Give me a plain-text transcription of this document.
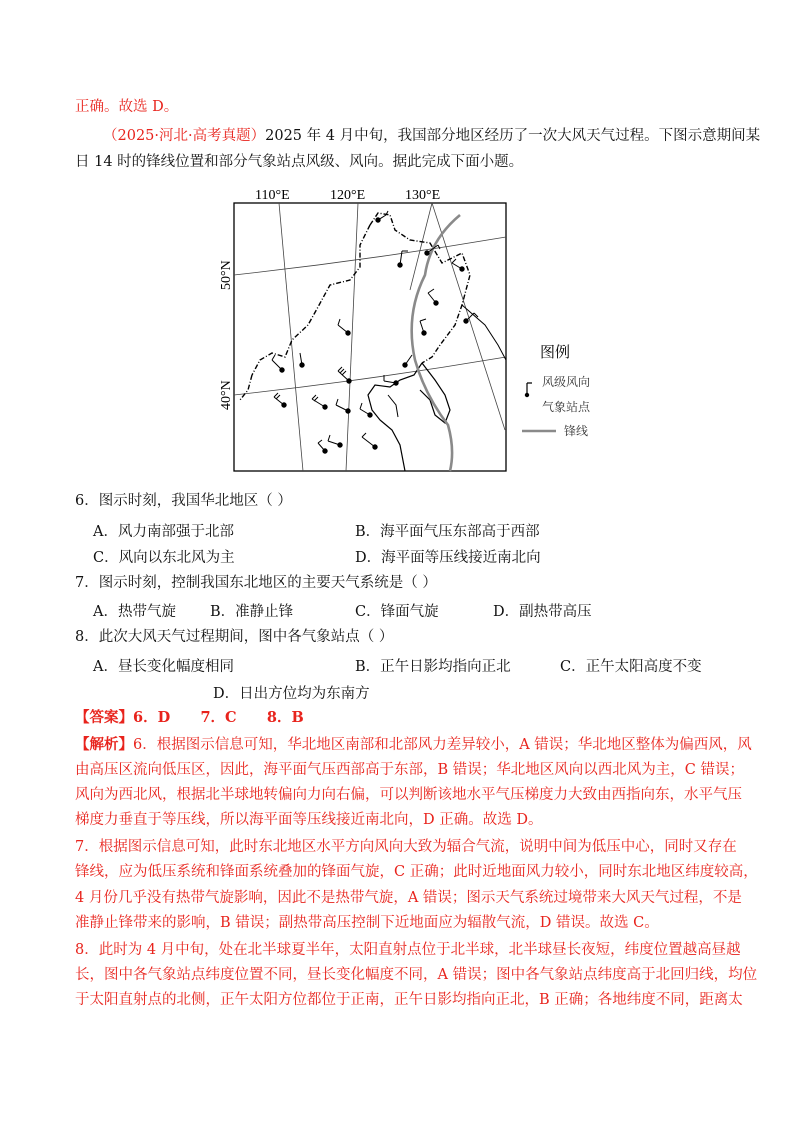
正确。故选 D。
（2025·河北·高考真题）2025 年 4 月中旬，我国部分地区经历了一次大风天气过程。下图示意期间某
日 14 时的锋线位置和部分气象站点风级、风向。据此完成下面小题。
110°E	120°E	130°E
50°N
40°N
图例
风级风向
气象站点
锋线
6．图示时刻，我国华北地区（ ）
A．风力南部强于北部	B．海平面气压东部高于西部
C．风向以东北风为主	D．海平面等压线接近南北向
7．图示时刻，控制我国东北地区的主要天气系统是（ ）
A．热带气旋 B．准静止锋	C．锋面气旋	D．副热带高压
8．此次大风天气过程期间，图中各气象站点（ ）
A．昼长变化幅度相同	B．正午日影均指向正北	C．正午太阳高度不变
D．日出方位均为东南方
【答案】6．D      7．C      8．B
【解析】6．根据图示信息可知，华北地区南部和北部风力差异较小，A 错误；华北地区整体为偏西风，风
由高压区流向低压区，因此，海平面气压西部高于东部，B 错误；华北地区风向以西北风为主，C 错误；
风向为西北风，根据北半球地转偏向力向右偏，可以判断该地水平气压梯度力大致由西指向东，水平气压
梯度力垂直于等压线，所以海平面等压线接近南北向，D 正确。故选 D。
7．根据图示信息可知，此时东北地区水平方向风向大致为辐合气流，说明中间为低压中心，同时又存在
锋线，应为低压系统和锋面系统叠加的锋面气旋，C 正确；此时近地面风力较小，同时东北地区纬度较高，
4 月份几乎没有热带气旋影响，因此不是热带气旋，A 错误；图示天气系统过境带来大风天气过程，不是
准静止锋带来的影响，B 错误；副热带高压控制下近地面应为辐散气流，D 错误。故选 C。
8．此时为 4 月中旬，处在北半球夏半年，太阳直射点位于北半球，北半球昼长夜短，纬度位置越高昼越
长，图中各气象站点纬度位置不同，昼长变化幅度不同，A 错误；图中各气象站点纬度高于北回归线，均位
于太阳直射点的北侧，正午太阳方位都位于正南，正午日影均指向正北，B 正确；各地纬度不同，距离太
